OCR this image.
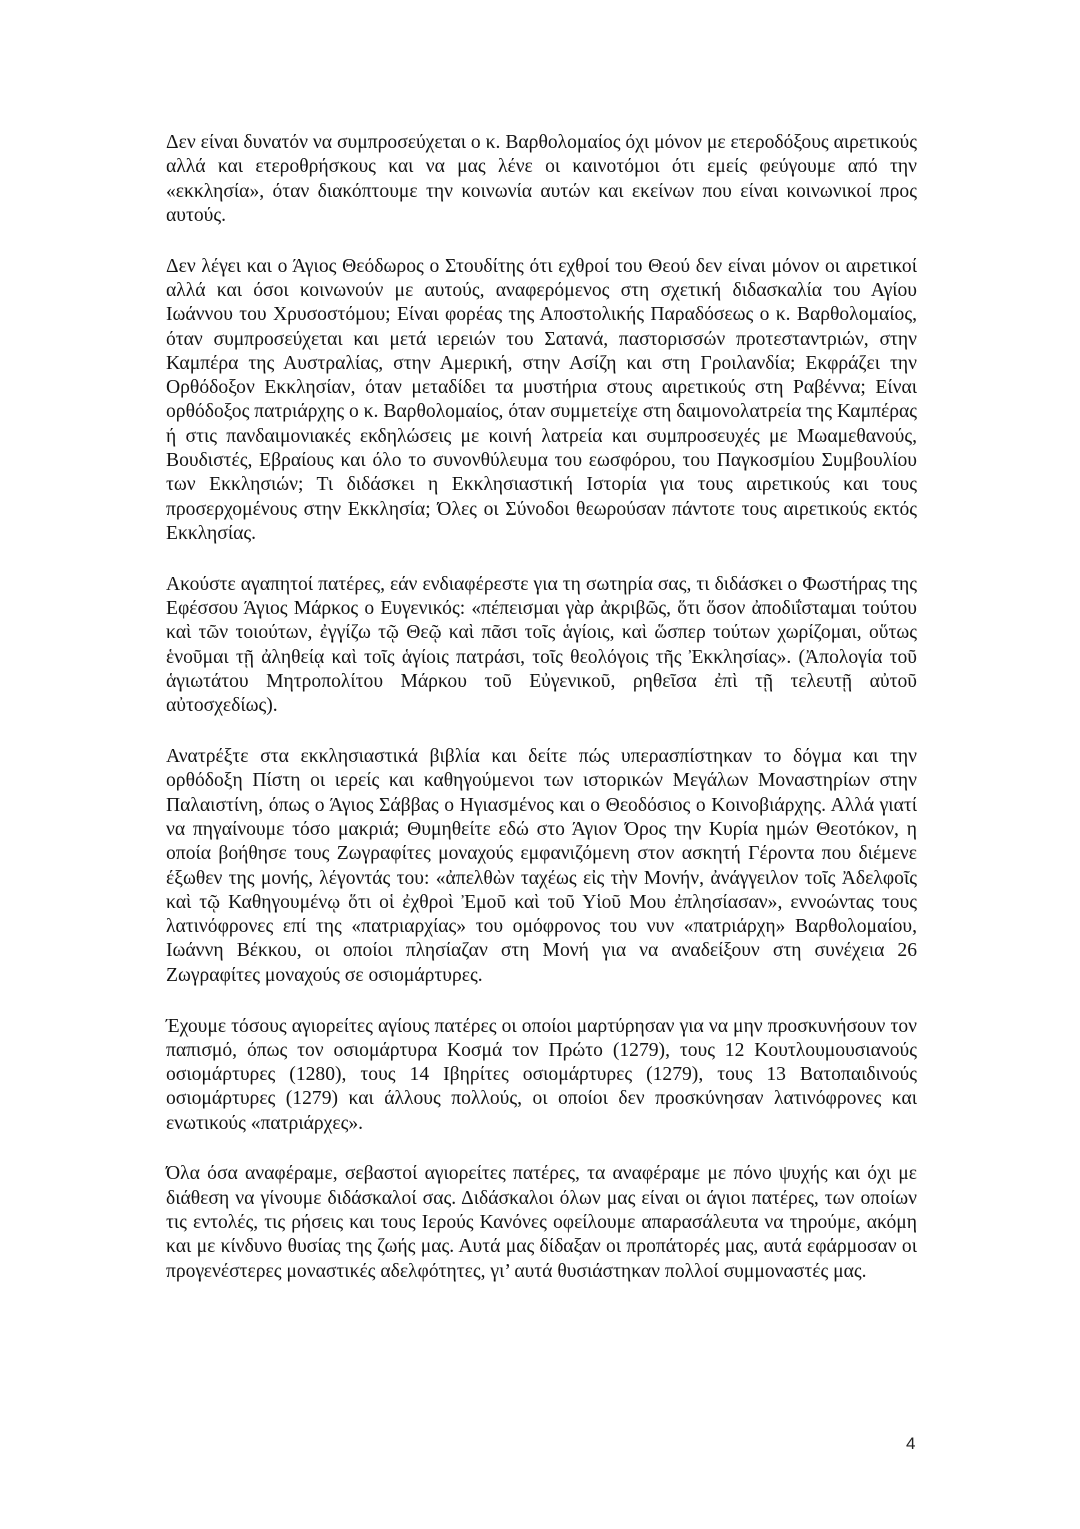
Δεν είναι δυνατόν να συμπροσεύχεται ο κ. Βαρθολομαίος όχι μόνον με ετεροδόξους αιρετικούς αλλά και ετεροθρήσκους και να μας λένε οι καινοτόμοι ότι εμείς φεύγουμε από την «εκκλησία», όταν διακόπτουμε την κοινωνία αυτών και εκείνων που είναι κοινωνικοί προς αυτούς.

Δεν λέγει και ο Άγιος Θεόδωρος ο Στουδίτης ότι εχθροί του Θεού δεν είναι μόνον οι αιρετικοί αλλά και όσοι κοινωνούν με αυτούς, αναφερόμενος στη σχετική διδασκαλία του Αγίου Ιωάννου του Χρυσοστόμου; Είναι φορέας της Αποστολικής Παραδόσεως ο κ. Βαρθολομαίος, όταν συμπροσεύχεται και μετά ιερειών του Σατανά, παστορισσών προτεσταντριών, στην Καμπέρα της Αυστραλίας, στην Αμερική, στην Ασίζη και στη Γροιλανδία; Εκφράζει την Ορθόδοξον Εκκλησίαν, όταν μεταδίδει τα μυστήρια στους αιρετικούς στη Ραβέννα; Είναι ορθόδοξος πατριάρχης ο κ. Βαρθολομαίος, όταν συμμετείχε στη δαιμονολατρεία της Καμπέρας ή στις πανδαιμονιακές εκδηλώσεις με κοινή λατρεία και συμπροσευχές με Μωαμεθανούς, Βουδιστές, Εβραίους και όλο το συνονθύλευμα του εωσφόρου, του Παγκοσμίου Συμβουλίου των Εκκλησιών; Τι διδάσκει η Εκκλησιαστική Ιστορία για τους αιρετικούς και τους προσερχομένους στην Εκκλησία; Όλες οι Σύνοδοι θεωρούσαν πάντοτε τους αιρετικούς εκτός Εκκλησίας.

Ακούστε αγαπητοί πατέρες, εάν ενδιαφέρεστε για τη σωτηρία σας, τι διδάσκει ο Φωστήρας της Εφέσσου Άγιος Μάρκος ο Ευγενικός: «πέπεισμαι γὰρ ἀκριβῶς, ὅτι ὅσον ἀποδιΐσταμαι τούτου καὶ τῶν τοιούτων, ἐγγίζω τῷ Θεῷ καὶ πᾶσι τοῖς ἁγίοις, καὶ ὥσπερ τούτων χωρίζομαι, οὕτως ἑνοῦμαι τῇ ἀληθείᾳ καὶ τοῖς ἁγίοις πατράσι, τοῖς θεολόγοις τῆς Ἐκκλησίας». (Ἀπολογία τοῦ ἁγιωτάτου Μητροπολίτου Μάρκου τοῦ Εὐγενικοῦ, ρηθεῖσα ἐπὶ τῇ τελευτῇ αὐτοῦ αὐτοσχεδίως).

Ανατρέξτε στα εκκλησιαστικά βιβλία και δείτε πώς υπερασπίστηκαν το δόγμα και την ορθόδοξη Πίστη οι ιερείς και καθηγούμενοι των ιστορικών Μεγάλων Μοναστηρίων στην Παλαιστίνη, όπως ο Άγιος Σάββας ο Ηγιασμένος και ο Θεοδόσιος ο Κοινοβιάρχης. Αλλά γιατί να πηγαίνουμε τόσο μακριά; Θυμηθείτε εδώ στο Άγιον Όρος την Κυρία ημών Θεοτόκον, η οποία βοήθησε τους Ζωγραφίτες μοναχούς εμφανιζόμενη στον ασκητή Γέροντα που διέμενε έξωθεν της μονής, λέγοντάς του: «ἀπελθὼν ταχέως εἰς τὴν Μονήν, ἀνάγγειλον τοῖς Ἀδελφοῖς καὶ τῷ Καθηγουμένῳ ὅτι οἱ ἐχθροὶ Ἐμοῦ καὶ τοῦ Υἱοῦ Μου ἐπλησίασαν», εννοώντας τους λατινόφρονες επί της «πατριαρχίας» του ομόφρονος του νυν «πατριάρχη» Βαρθολομαίου, Ιωάννη Βέκκου, οι οποίοι πλησίαζαν στη Μονή για να αναδείξουν στη συνέχεια 26 Ζωγραφίτες μοναχούς σε οσιομάρτυρες.

Έχουμε τόσους αγιορείτες αγίους πατέρες οι οποίοι μαρτύρησαν για να μην προσκυνήσουν τον παπισμό, όπως τον οσιομάρτυρα Κοσμά τον Πρώτο (1279), τους 12 Κουτλουμουσιανούς οσιομάρτυρες (1280), τους 14 Ιβηρίτες οσιομάρτυρες (1279), τους 13 Βατοπαιδινούς οσιομάρτυρες (1279) και άλλους πολλούς, οι οποίοι δεν προσκύνησαν λατινόφρονες και ενωτικούς «πατριάρχες».

Όλα όσα αναφέραμε, σεβαστοί αγιορείτες πατέρες, τα αναφέραμε με πόνο ψυχής και όχι με διάθεση να γίνουμε διδάσκαλοί σας. Διδάσκαλοι όλων μας είναι οι άγιοι πατέρες, των οποίων τις εντολές, τις ρήσεις και τους Ιερούς Κανόνες οφείλουμε απαρασάλευτα να τηρούμε, ακόμη και με κίνδυνο θυσίας της ζωής μας. Αυτά μας δίδαξαν οι προπάτορές μας, αυτά εφάρμοσαν οι προγενέστερες μοναστικές αδελφότητες, γι’ αυτά θυσιάστηκαν πολλοί συμμοναστές μας.

4
